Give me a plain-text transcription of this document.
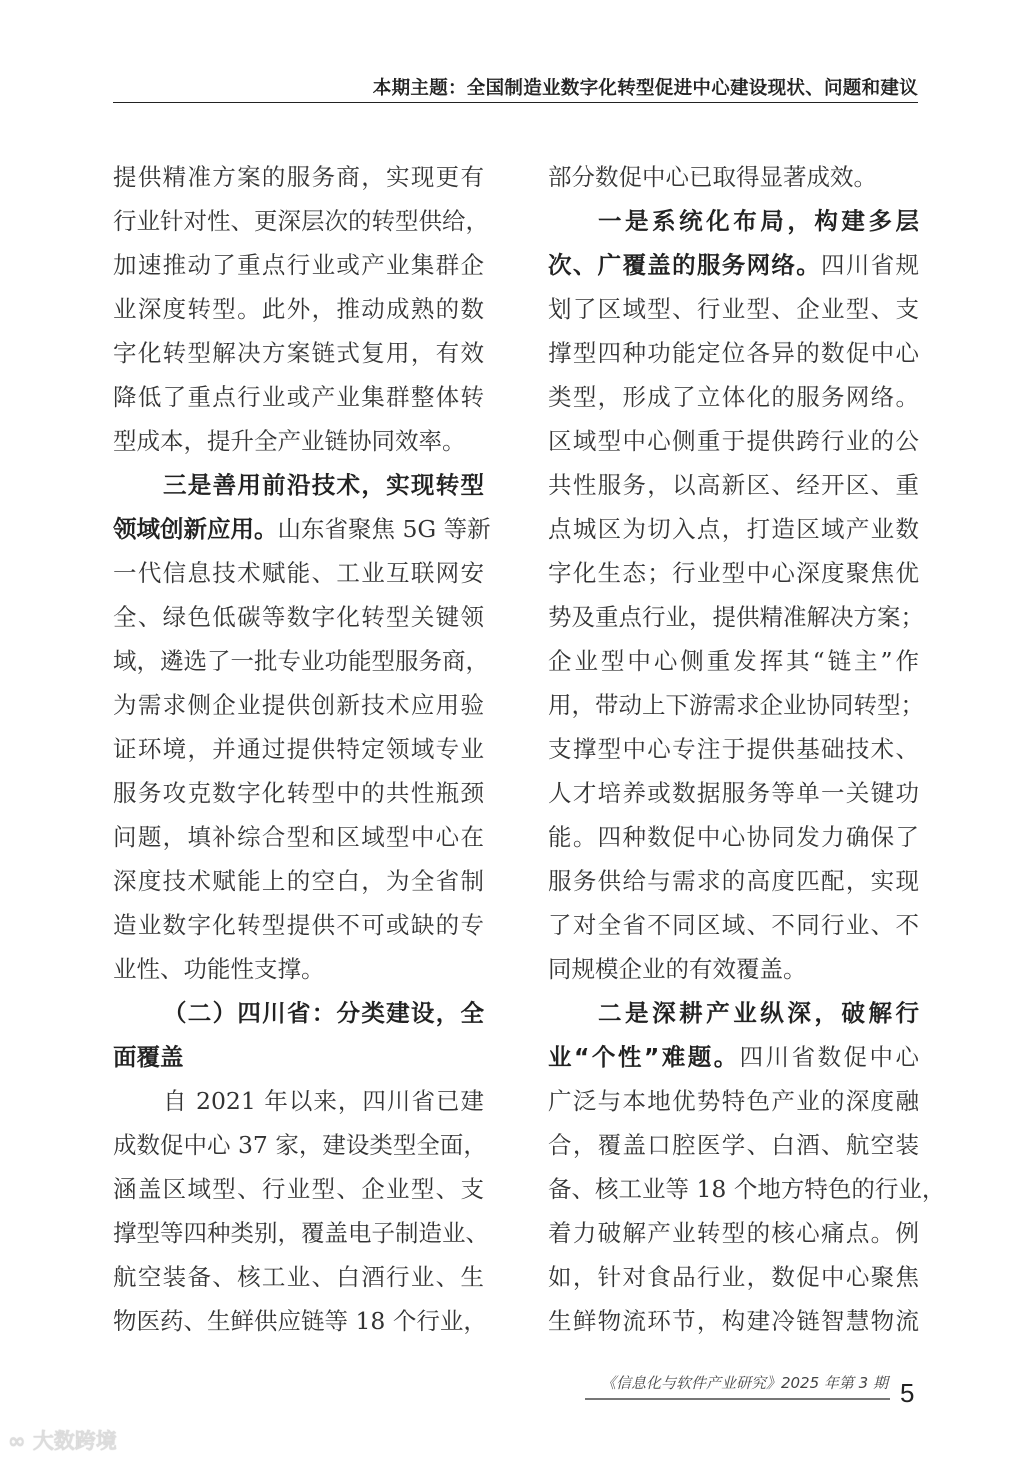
本期主题：全国制造业数字化转型促进中心建设现状、问题和建议
提供精准方案的服务商，实现更有
行业针对性、更深层次的转型供给，
加速推动了重点行业或产业集群企
业深度转型。此外，推动成熟的数
字化转型解决方案链式复用，有效
降低了重点行业或产业集群整体转
型成本，提升全产业链协同效率。
三是善用前沿技术，实现转型
领域创新应用。山东省聚焦 5G 等新
一代信息技术赋能、工业互联网安
全、绿色低碳等数字化转型关键领
域，遴选了一批专业功能型服务商，
为需求侧企业提供创新技术应用验
证环境，并通过提供特定领域专业
服务攻克数字化转型中的共性瓶颈
问题，填补综合型和区域型中心在
深度技术赋能上的空白，为全省制
造业数字化转型提供不可或缺的专
业性、功能性支撑。
（二）四川省：分类建设，全
面覆盖
自 2021 年以来，四川省已建
成数促中心 37 家，建设类型全面，
涵盖区域型、行业型、企业型、支
撑型等四种类别，覆盖电子制造业、
航空装备、核工业、白酒行业、生
物医药、生鲜供应链等 18 个行业，
部分数促中心已取得显著成效。
一是系统化布局，构建多层
次、广覆盖的服务网络。四川省规
划了区域型、行业型、企业型、支
撑型四种功能定位各异的数促中心
类型，形成了立体化的服务网络。
区域型中心侧重于提供跨行业的公
共性服务，以高新区、经开区、重
点城区为切入点，打造区域产业数
字化生态；行业型中心深度聚焦优
势及重点行业，提供精准解决方案；
企业型中心侧重发挥其“链主”作
用，带动上下游需求企业协同转型；
支撑型中心专注于提供基础技术、
人才培养或数据服务等单一关键功
能。四种数促中心协同发力确保了
服务供给与需求的高度匹配，实现
了对全省不同区域、不同行业、不
同规模企业的有效覆盖。
二是深耕产业纵深，破解行
业“个性”难题。四川省数促中心
广泛与本地优势特色产业的深度融
合，覆盖口腔医学、白酒、航空装
备、核工业等 18 个地方特色的行业，
着力破解产业转型的核心痛点。例
如，针对食品行业，数促中心聚焦
生鲜物流环节，构建冷链智慧物流
《信息化与软件产业研究》2025 年第 3 期 5
∞ 大数跨境
